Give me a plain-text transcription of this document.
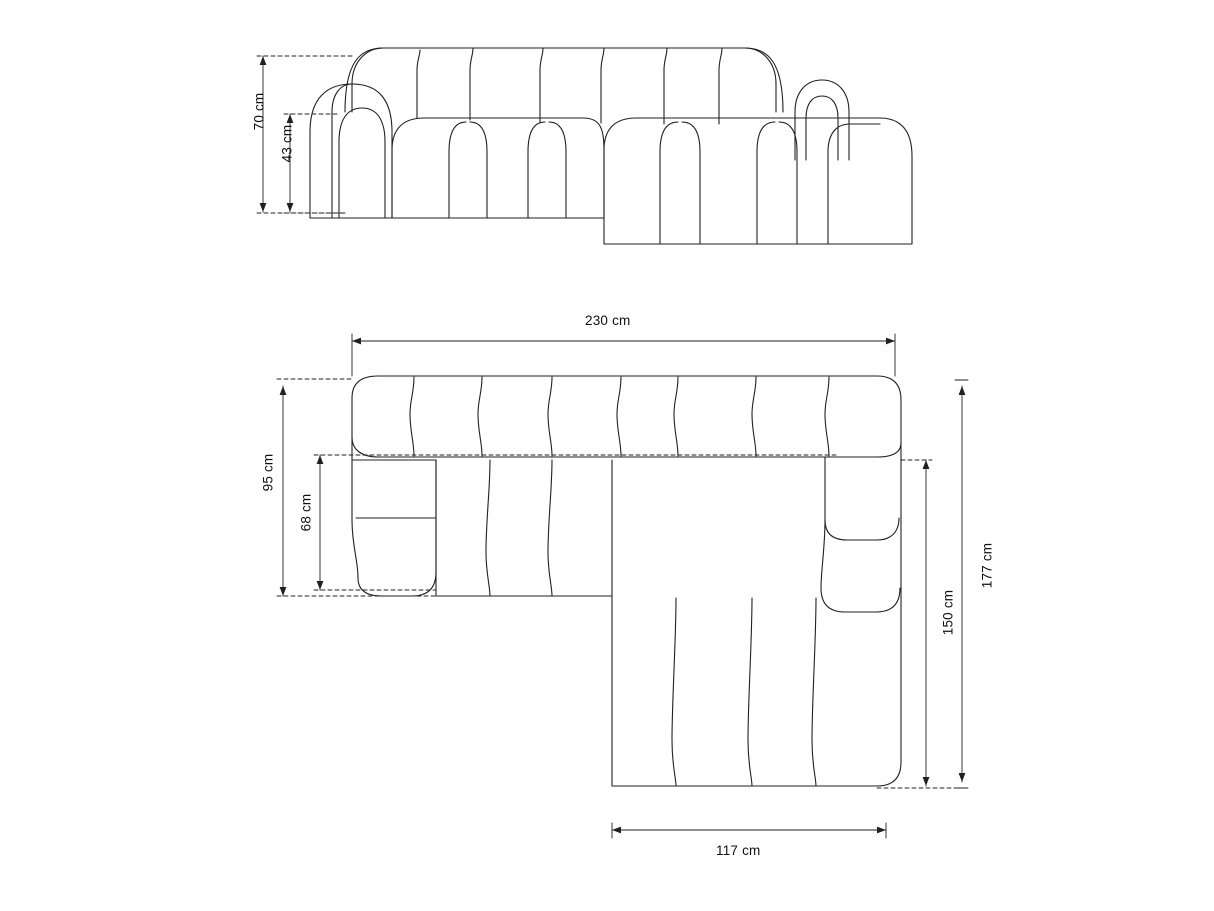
70 cm
43 cm
230 cm
95 cm
68 cm
177 cm
150 cm
117 cm
